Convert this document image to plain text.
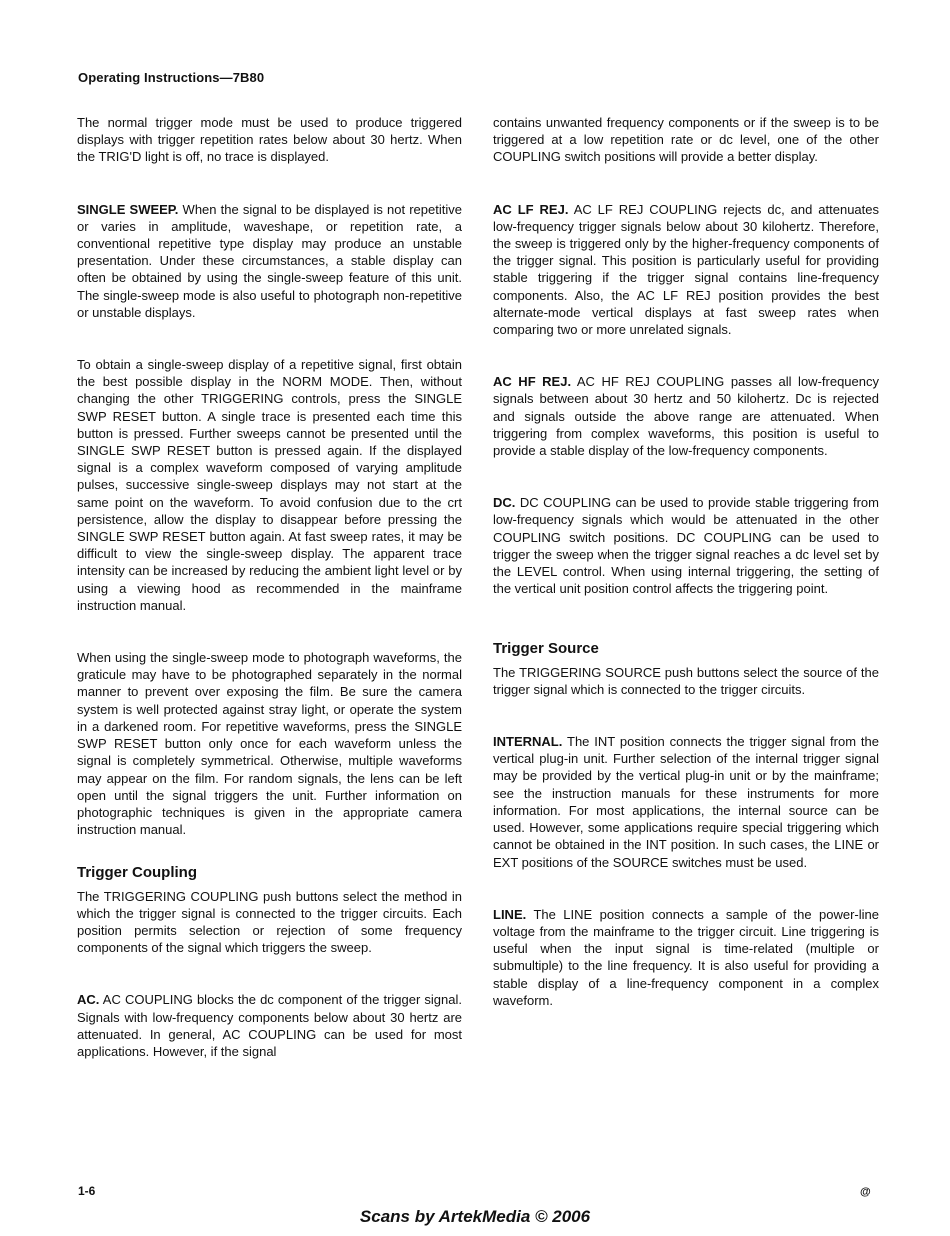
Operating Instructions—7B80

The normal trigger mode must be used to produce triggered displays with trigger repetition rates below about 30 hertz. When the TRIG'D light is off, no trace is displayed.

SINGLE SWEEP. When the signal to be displayed is not repetitive or varies in amplitude, waveshape, or repetition rate, a conventional repetitive type display may produce an unstable presentation. Under these circumstances, a stable display can often be obtained by using the single-sweep feature of this unit. The single-sweep mode is also useful to photograph non-repetitive or unstable displays.

To obtain a single-sweep display of a repetitive signal, first obtain the best possible display in the NORM MODE. Then, without changing the other TRIGGERING controls, press the SINGLE SWP RESET button. A single trace is presented each time this button is pressed. Further sweeps cannot be presented until the SINGLE SWP RESET button is pressed again. If the displayed signal is a complex waveform composed of varying amplitude pulses, successive single-sweep displays may not start at the same point on the waveform. To avoid confusion due to the crt persistence, allow the display to disappear before pressing the SINGLE SWP RESET button again. At fast sweep rates, it may be difficult to view the single-sweep display. The apparent trace intensity can be increased by reducing the ambient light level or by using a viewing hood as recommended in the mainframe instruction manual.

When using the single-sweep mode to photograph waveforms, the graticule may have to be photographed separately in the normal manner to prevent over exposing the film. Be sure the camera system is well protected against stray light, or operate the system in a darkened room. For repetitive waveforms, press the SINGLE SWP RESET button only once for each waveform unless the signal is completely symmetrical. Otherwise, multiple waveforms may appear on the film. For random signals, the lens can be left open until the signal triggers the unit. Further information on photographic techniques is given in the appropriate camera instruction manual.

Trigger Coupling

The TRIGGERING COUPLING push buttons select the method in which the trigger signal is connected to the trigger circuits. Each position permits selection or rejection of some frequency components of the signal which triggers the sweep.

AC. AC COUPLING blocks the dc component of the trigger signal. Signals with low-frequency components below about 30 hertz are attenuated. In general, AC COUPLING can be used for most applications. However, if the signal

contains unwanted frequency components or if the sweep is to be triggered at a low repetition rate or dc level, one of the other COUPLING switch positions will provide a better display.

AC LF REJ. AC LF REJ COUPLING rejects dc, and attenuates low-frequency trigger signals below about 30 kilohertz. Therefore, the sweep is triggered only by the higher-frequency components of the trigger signal. This position is particularly useful for providing stable triggering if the trigger signal contains line-frequency components. Also, the AC LF REJ position provides the best alternate-mode vertical displays at fast sweep rates when comparing two or more unrelated signals.

AC HF REJ. AC HF REJ COUPLING passes all low-frequency signals between about 30 hertz and 50 kilohertz. Dc is rejected and signals outside the above range are attenuated. When triggering from complex waveforms, this position is useful to provide a stable display of the low-frequency components.

DC. DC COUPLING can be used to provide stable triggering from low-frequency signals which would be attenuated in the other COUPLING switch positions. DC COUPLING can be used to trigger the sweep when the trigger signal reaches a dc level set by the LEVEL control. When using internal triggering, the setting of the vertical unit position control affects the triggering point.

Trigger Source

The TRIGGERING SOURCE push buttons select the source of the trigger signal which is connected to the trigger circuits.

INTERNAL. The INT position connects the trigger signal from the vertical plug-in unit. Further selection of the internal trigger signal may be provided by the vertical plug-in unit or by the mainframe; see the instruction manuals for these instruments for more information. For most applications, the internal source can be used. However, some applications require special triggering which cannot be obtained in the INT position. In such cases, the LINE or EXT positions of the SOURCE switches must be used.

LINE. The LINE position connects a sample of the power-line voltage from the mainframe to the trigger circuit. Line triggering is useful when the input signal is time-related (multiple or submultiple) to the line frequency. It is also useful for providing a stable display of a line-frequency component in a complex waveform.

1-6	@
Scans by ArtekMedia © 2006
